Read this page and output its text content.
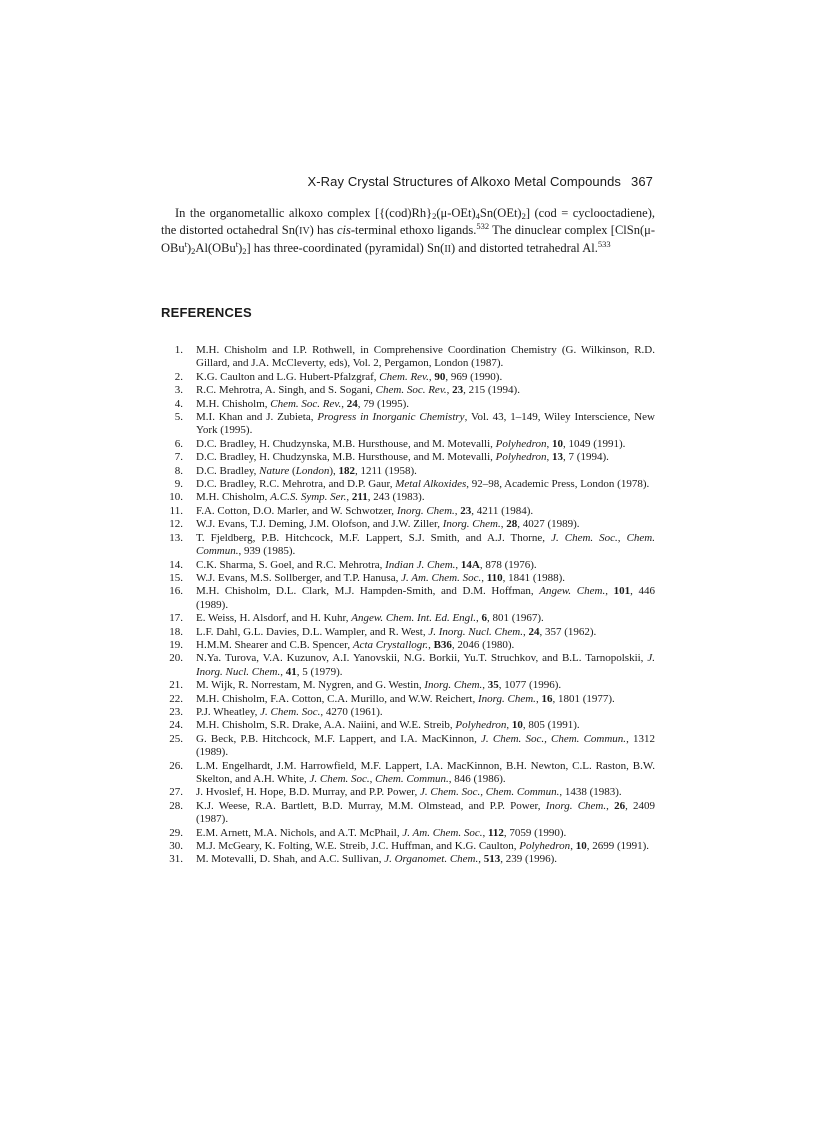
X-Ray Crystal Structures of Alkoxo Metal Compounds 367

In the organometallic alkoxo complex $[\{(cod)Rh\}_2(\mu-OEt)_4Sn(OEt)_2] (cod$ = cyclooctadiene), the distorted octahedral Sn(IV) has cis-terminal ethoxo ligands.$^{532}$ The dinuclear complex $[ClSn(\mu-OBu^t)_2Al(OBu^t)_2]$ has three-coordinated (pyramidal) Sn(II) and distorted tetrahedral Al.$^{533}$

REFERENCES
1. M.H. Chisholm and I.P. Rothwell, in Comprehensive Coordination Chemistry (G. Wilkinson, R.D. Gillard, and J.A. McCleverty, eds), Vol. 2, Pergamon, London (1987).
2. K.G. Caulton and L.G. Hubert-Pfalzgraf, Chem. Rev., 90, 969 (1990).
3. R.C. Mehrotra, A. Singh, and S. Sogani, Chem. Soc. Rev., 23, 215 (1994).
4. M.H. Chisholm, Chem. Soc. Rev., 24, 79 (1995).
5. M.I. Khan and J. Zubieta, Progress in Inorganic Chemistry, Vol. 43, 1–149, Wiley Interscience, New York (1995).
6. D.C. Bradley, H. Chudzynska, M.B. Hursthouse, and M. Motevalli, Polyhedron, 10, 1049 (1991).
7. D.C. Bradley, H. Chudzynska, M.B. Hursthouse, and M. Motevalli, Polyhedron, 13, 7 (1994).
8. D.C. Bradley, Nature (London), 182, 1211 (1958).
9. D.C. Bradley, R.C. Mehrotra, and D.P. Gaur, Metal Alkoxides, 92–98, Academic Press, London (1978).
10. M.H. Chisholm, A.C.S. Symp. Ser., 211, 243 (1983).
11. F.A. Cotton, D.O. Marler, and W. Schwotzer, Inorg. Chem., 23, 4211 (1984).
12. W.J. Evans, T.J. Deming, J.M. Olofson, and J.W. Ziller, Inorg. Chem., 28, 4027 (1989).
13. T. Fjeldberg, P.B. Hitchcock, M.F. Lappert, S.J. Smith, and A.J. Thorne, J. Chem. Soc., Chem. Commun., 939 (1985).
14. C.K. Sharma, S. Goel, and R.C. Mehrotra, Indian J. Chem., 14A, 878 (1976).
15. W.J. Evans, M.S. Sollberger, and T.P. Hanusa, J. Am. Chem. Soc., 110, 1841 (1988).
16. M.H. Chisholm, D.L. Clark, M.J. Hampden-Smith, and D.M. Hoffman, Angew. Chem., 101, 446 (1989).
17. E. Weiss, H. Alsdorf, and H. Kuhr, Angew. Chem. Int. Ed. Engl., 6, 801 (1967).
18. L.F. Dahl, G.L. Davies, D.L. Wampler, and R. West, J. Inorg. Nucl. Chem., 24, 357 (1962).
19. H.M.M. Shearer and C.B. Spencer, Acta Crystallogr., B36, 2046 (1980).
20. N.Ya. Turova, V.A. Kuzunov, A.I. Yanovskii, N.G. Borkii, Yu.T. Struchkov, and B.L. Tarnopolskii, J. Inorg. Nucl. Chem., 41, 5 (1979).
21. M. Wijk, R. Norrestam, M. Nygren, and G. Westin, Inorg. Chem., 35, 1077 (1996).
22. M.H. Chisholm, F.A. Cotton, C.A. Murillo, and W.W. Reichert, Inorg. Chem., 16, 1801 (1977).
23. P.J. Wheatley, J. Chem. Soc., 4270 (1961).
24. M.H. Chisholm, S.R. Drake, A.A. Naiini, and W.E. Streib, Polyhedron, 10, 805 (1991).
25. G. Beck, P.B. Hitchcock, M.F. Lappert, and I.A. MacKinnon, J. Chem. Soc., Chem. Commun., 1312 (1989).
26. L.M. Engelhardt, J.M. Harrowfield, M.F. Lappert, I.A. MacKinnon, B.H. Newton, C.L. Raston, B.W. Skelton, and A.H. White, J. Chem. Soc., Chem. Commun., 846 (1986).
27. J. Hvoslef, H. Hope, B.D. Murray, and P.P. Power, J. Chem. Soc., Chem. Commun., 1438 (1983).
28. K.J. Weese, R.A. Bartlett, B.D. Murray, M.M. Olmstead, and P.P. Power, Inorg. Chem., 26, 2409 (1987).
29. E.M. Arnett, M.A. Nichols, and A.T. McPhail, J. Am. Chem. Soc., 112, 7059 (1990).
30. M.J. McGeary, K. Folting, W.E. Streib, J.C. Huffman, and K.G. Caulton, Polyhedron, 10, 2699 (1991).
31. M. Motevalli, D. Shah, and A.C. Sullivan, J. Organomet. Chem., 513, 239 (1996).
